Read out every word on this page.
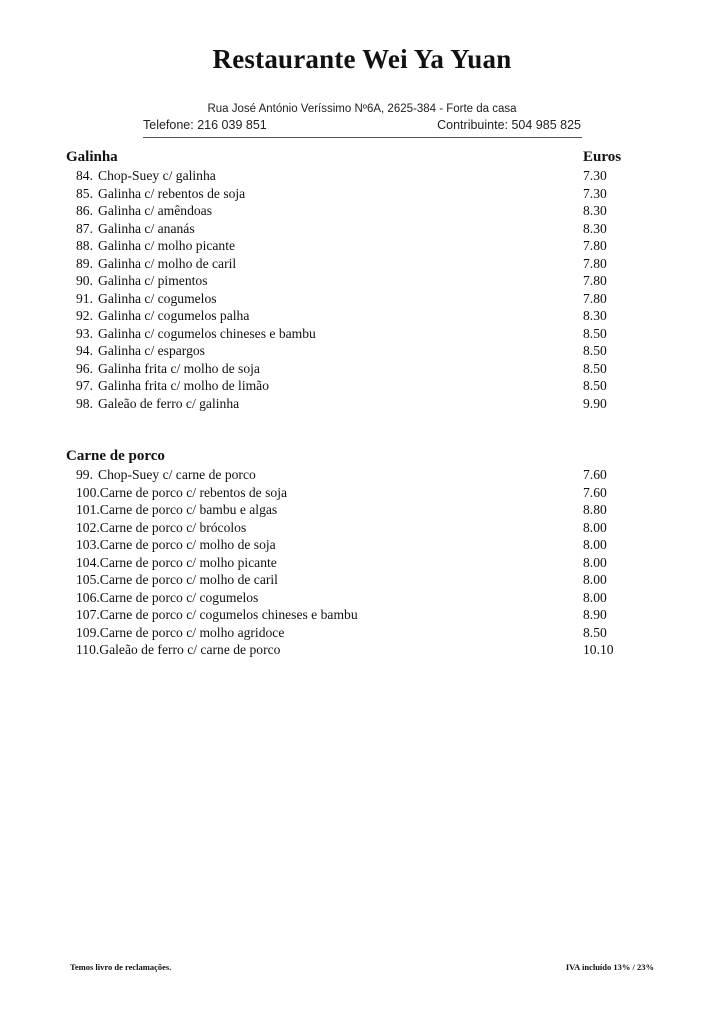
Restaurante Wei Ya Yuan
Rua José António Veríssimo Nº6A, 2625-384 - Forte da casa
Telefone: 216 039 851	Contribuinte: 504 985 825
Galinha	Euros
84. Chop-Suey c/ galinha	7.30
85. Galinha c/ rebentos de soja	7.30
86. Galinha c/ amêndoas	8.30
87. Galinha c/ ananás	8.30
88. Galinha c/ molho picante	7.80
89. Galinha c/ molho de caril	7.80
90. Galinha c/ pimentos	7.80
91. Galinha c/ cogumelos	7.80
92. Galinha c/ cogumelos palha	8.30
93. Galinha c/ cogumelos chineses e bambu	8.50
94. Galinha c/ espargos	8.50
96. Galinha frita c/ molho de soja	8.50
97. Galinha frita c/ molho de limão	8.50
98. Galeão de ferro c/ galinha	9.90
Carne de porco
99. Chop-Suey c/ carne de porco	7.60
100.Carne de porco c/ rebentos de soja	7.60
101.Carne de porco c/ bambu e algas	8.80
102.Carne de porco c/ brócolos	8.00
103.Carne de porco c/ molho de soja	8.00
104.Carne de porco c/ molho picante	8.00
105.Carne de porco c/ molho de caril	8.00
106.Carne de porco c/ cogumelos	8.00
107.Carne de porco c/ cogumelos chineses e bambu	8.90
109.Carne de porco c/ molho agridoce	8.50
110.Galeão de ferro c/ carne de porco	10.10
Temos livro de reclamações.	IVA incluído 13% / 23%
